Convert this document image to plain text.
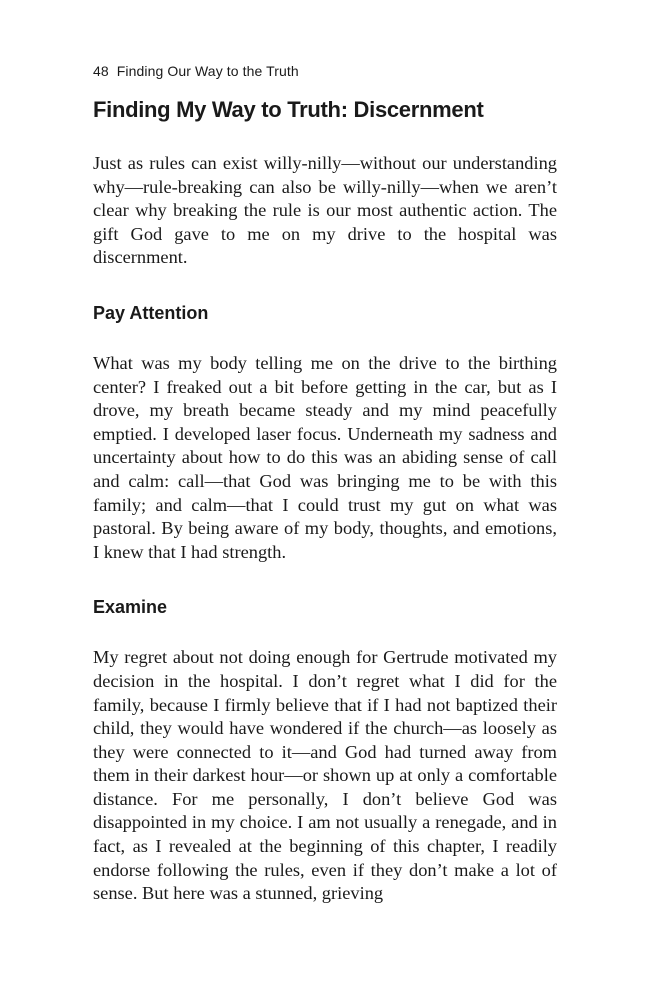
48 Finding Our Way to the Truth
Finding My Way to Truth: Discernment

Just as rules can exist willy-nilly—without our understanding why—rule-breaking can also be willy-nilly—when we aren’t clear why breaking the rule is our most authentic action. The gift God gave to me on my drive to the hospital was discernment.

Pay Attention

What was my body telling me on the drive to the birthing center? I freaked out a bit before getting in the car, but as I drove, my breath became steady and my mind peacefully emptied. I developed laser focus. Underneath my sadness and uncertainty about how to do this was an abiding sense of call and calm: call—that God was bringing me to be with this family; and calm—that I could trust my gut on what was pastoral. By being aware of my body, thoughts, and emotions, I knew that I had strength.

Examine

My regret about not doing enough for Gertrude motivated my decision in the hospital. I don’t regret what I did for the family, because I firmly believe that if I had not baptized their child, they would have wondered if the church—as loosely as they were connected to it—and God had turned away from them in their darkest hour—or shown up at only a comfortable distance. For me personally, I don’t believe God was disappointed in my choice. I am not usually a renegade, and in fact, as I revealed at the beginning of this chapter, I readily endorse following the rules, even if they don’t make a lot of sense. But here was a stunned, grieving
